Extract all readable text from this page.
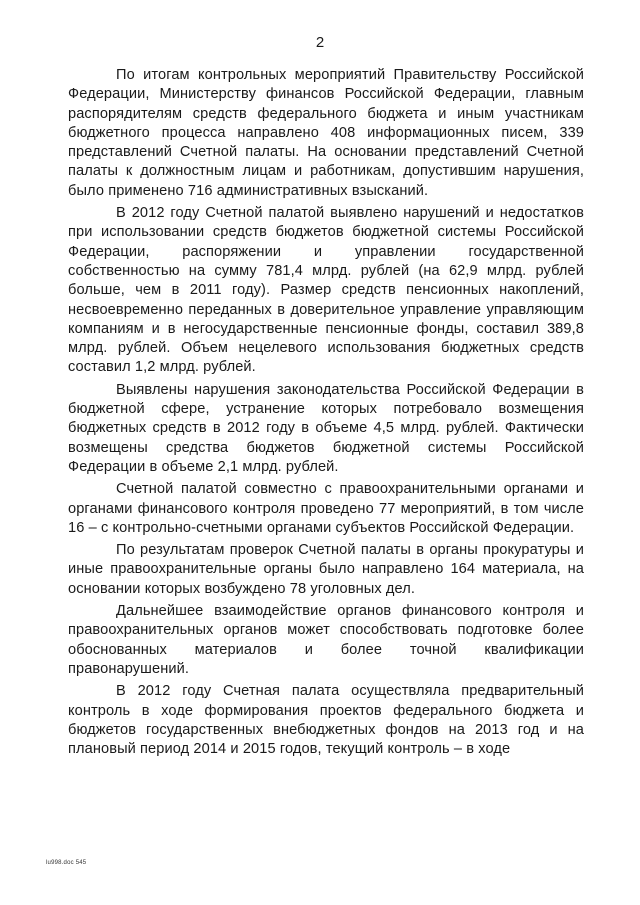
2

По итогам контрольных мероприятий Правительству Российской Федерации, Министерству финансов Российской Федерации, главным распорядителям средств федерального бюджета и иным участникам бюджетного процесса направлено 408 информационных писем, 339 представлений Счетной палаты. На основании представлений Счетной палаты к должностным лицам и работникам, допустившим нарушения, было применено 716 административных взысканий.

В 2012 году Счетной палатой выявлено нарушений и недостатков при использовании средств бюджетов бюджетной системы Российской Федерации, распоряжении и управлении государственной собственностью на сумму 781,4 млрд. рублей (на 62,9 млрд. рублей больше, чем в 2011 году). Размер средств пенсионных накоплений, несвоевременно переданных в доверительное управление управляющим компаниям и в негосударственные пенсионные фонды, составил 389,8 млрд. рублей. Объем нецелевого использования бюджетных средств составил 1,2 млрд. рублей.

Выявлены нарушения законодательства Российской Федерации в бюджетной сфере, устранение которых потребовало возмещения бюджетных средств в 2012 году в объеме 4,5 млрд. рублей. Фактически возмещены средства бюджетов бюджетной системы Российской Федерации в объеме 2,1 млрд. рублей.

Счетной палатой совместно с правоохранительными органами и органами финансового контроля проведено 77 мероприятий, в том числе 16 – с контрольно-счетными органами субъектов Российской Федерации.

По результатам проверок Счетной палаты в органы прокуратуры и иные правоохранительные органы было направлено 164 материала, на основании которых возбуждено 78 уголовных дел.

Дальнейшее взаимодействие органов финансового контроля и правоохранительных органов может способствовать подготовке более обоснованных материалов и более точной квалификации правонарушений.

В 2012 году Счетная палата осуществляла предварительный контроль в ходе формирования проектов федерального бюджета и бюджетов государственных внебюджетных фондов на 2013 год и на плановый период 2014 и 2015 годов, текущий контроль – в ходе

lu998.doc 545
